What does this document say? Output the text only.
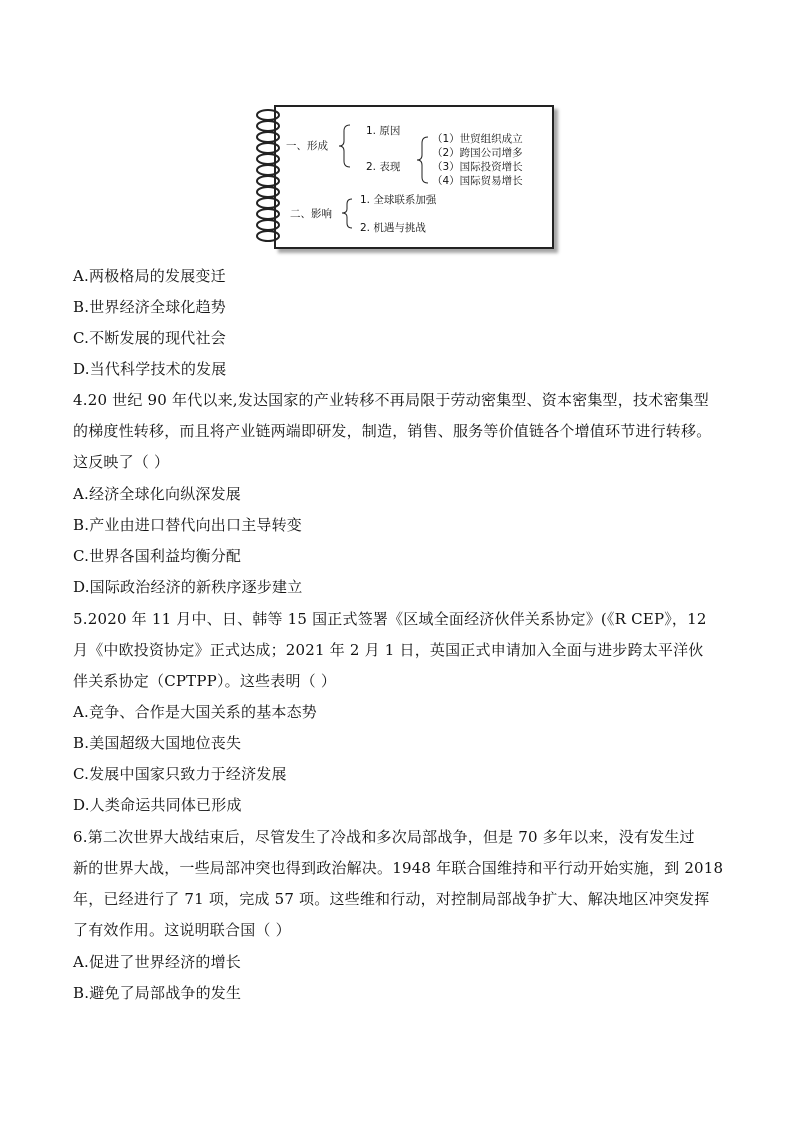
一、形成
1. 原因
2. 表现
（1）世贸组织成立
（2）跨国公司增多
（3）国际投资增长
（4）国际贸易增长
二、影响
1. 全球联系加强
2. 机遇与挑战
A.两极格局的发展变迁
B.世界经济全球化趋势
C.不断发展的现代社会
D.当代科学技术的发展
4.20 世纪 90 年代以来,发达国家的产业转移不再局限于劳动密集型、资本密集型，技术密集型
的梯度性转移，而且将产业链两端即研发，制造，销售、服务等价值链各个增值环节进行转移。
这反映了（ ）
A.经济全球化向纵深发展
B.产业由进口替代向出口主导转变
C.世界各国利益均衡分配
D.国际政治经济的新秩序逐步建立
5.2020 年 11 月中、日、韩等 15 国正式签署《区域全面经济伙伴关系协定》(《R CEP》，12
月《中欧投资协定》正式达成；2021 年 2 月 1 日，英国正式申请加入全面与进步跨太平洋伙
伴关系协定（CPTPP）。这些表明（ ）
A.竞争、合作是大国关系的基本态势
B.美国超级大国地位丧失
C.发展中国家只致力于经济发展
D.人类命运共同体已形成
6.第二次世界大战结束后，尽管发生了冷战和多次局部战争，但是 70 多年以来，没有发生过
新的世界大战，一些局部冲突也得到政治解决。1948 年联合国维持和平行动开始实施，到 2018
年，已经进行了 71 项，完成 57 项。这些维和行动，对控制局部战争扩大、解决地区冲突发挥
了有效作用。这说明联合国（ ）
A.促进了世界经济的增长
B.避免了局部战争的发生
